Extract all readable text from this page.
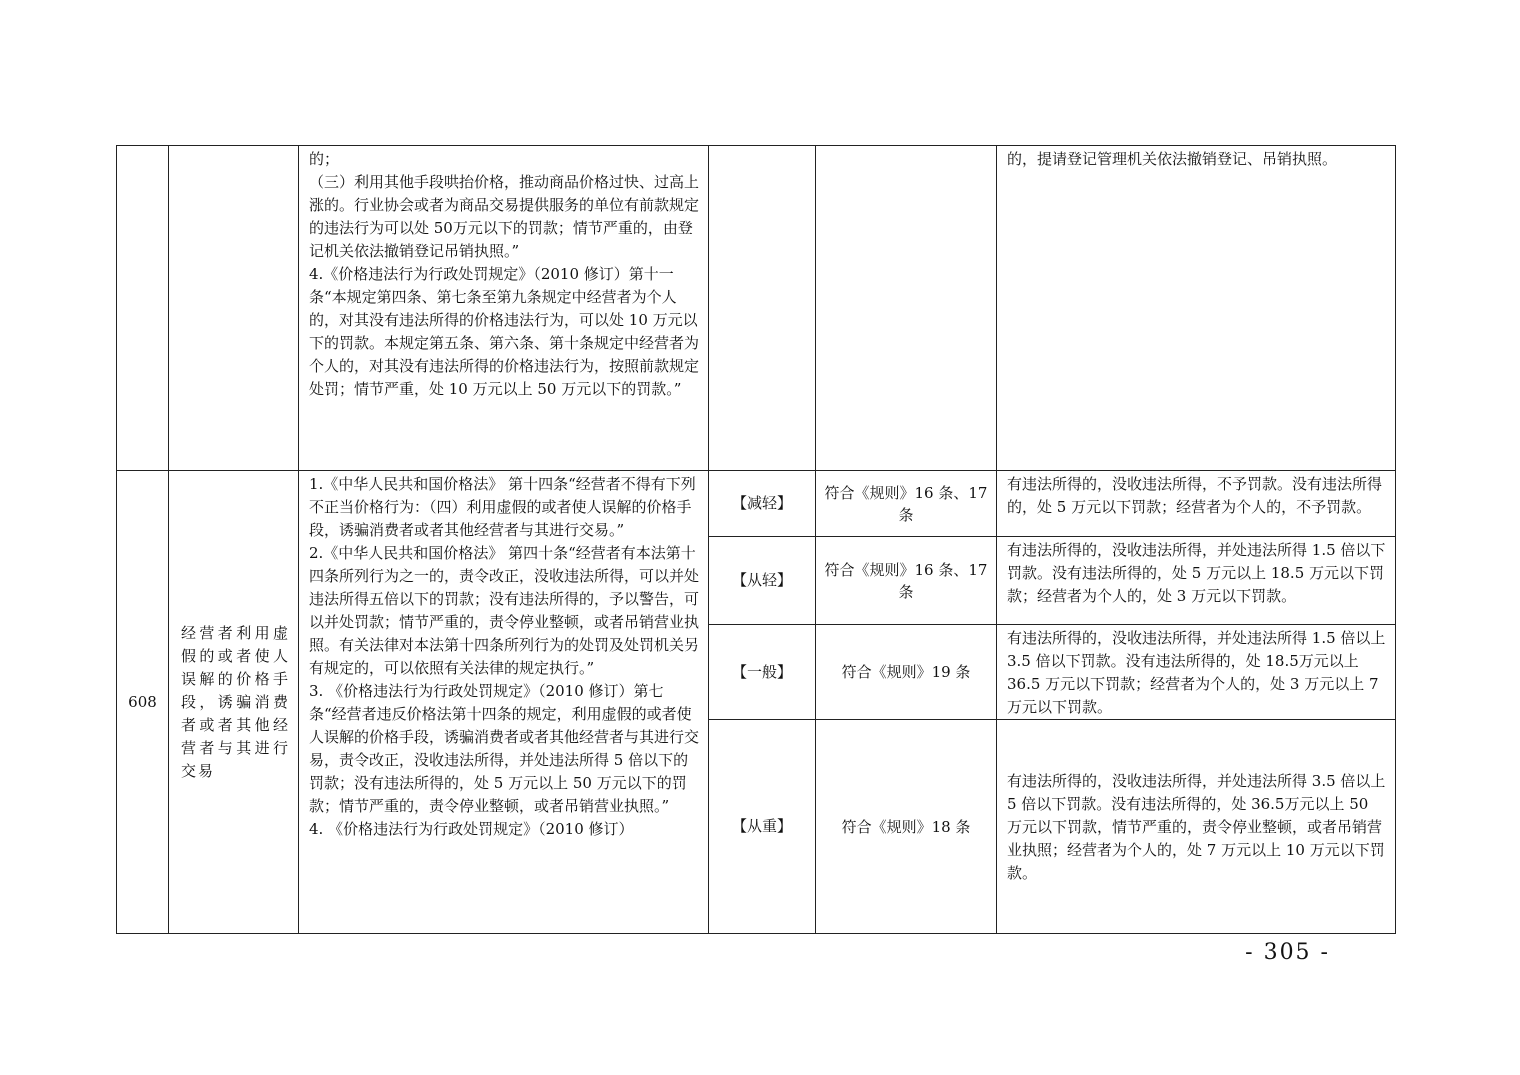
		的；
（三）利用其他手段哄抬价格，推动商品价格过快、过高上涨的。行业协会或者为商品交易提供服务的单位有前款规定的违法行为可以处 50万元以下的罚款；情节严重的，由登记机关依法撤销登记吊销执照。”
4.《价格违法行为行政处罚规定》（2010 修订）第十一条“本规定第四条、第七条至第九条规定中经营者为个人的，对其没有违法所得的价格违法行为，可以处 10 万元以下的罚款。本规定第五条、第六条、第十条规定中经营者为个人的，对其没有违法所得的价格违法行为，按照前款规定处罚；情节严重，处 10 万元以上 50 万元以下的罚款。”			的，提请登记管理机关依法撤销登记、吊销执照。

608	经营者利用虚假的或者使人误解的价格手段，诱骗消费者或者其他经营者与其进行交易	1.《中华人民共和国价格法》 第十四条“经营者不得有下列不正当价格行为：（四）利用虚假的或者使人误解的价格手段，诱骗消费者或者其他经营者与其进行交易。”
2.《中华人民共和国价格法》 第四十条“经营者有本法第十四条所列行为之一的，责令改正，没收违法所得，可以并处违法所得五倍以下的罚款；没有违法所得的，予以警告，可以并处罚款；情节严重的，责令停业整顿，或者吊销营业执照。有关法律对本法第十四条所列行为的处罚及处罚机关另有规定的，可以依照有关法律的规定执行。”
3. 《价格违法行为行政处罚规定》（2010 修订）第七条“经营者违反价格法第十四条的规定，利用虚假的或者使人误解的价格手段，诱骗消费者或者其他经营者与其进行交易，责令改正，没收违法所得，并处违法所得 5 倍以下的罚款；没有违法所得的，处 5 万元以上 50 万元以下的罚款；情节严重的，责令停业整顿，或者吊销营业执照。”
4. 《价格违法行为行政处罚规定》（2010 修订）	【减轻】	符合《规则》16 条、17 条	有违法所得的，没收违法所得，不予罚款。没有违法所得的，处 5 万元以下罚款；经营者为个人的，不予罚款。

			【从轻】	符合《规则》16 条、17 条	有违法所得的，没收违法所得，并处违法所得 1.5 倍以下罚款。没有违法所得的，处 5 万元以上 18.5 万元以下罚款；经营者为个人的，处 3 万元以下罚款。

			【一般】	符合《规则》19 条	有违法所得的，没收违法所得，并处违法所得 1.5 倍以上 3.5 倍以下罚款。没有违法所得的，处 18.5万元以上 36.5 万元以下罚款；经营者为个人的，处 3 万元以上 7 万元以下罚款。

			【从重】	符合《规则》18 条	有违法所得的，没收违法所得，并处违法所得 3.5 倍以上 5 倍以下罚款。没有违法所得的，处 36.5万元以上 50 万元以下罚款，情节严重的，责令停业整顿，或者吊销营业执照；经营者为个人的，处 7 万元以上 10 万元以下罚款。
- 305 -
